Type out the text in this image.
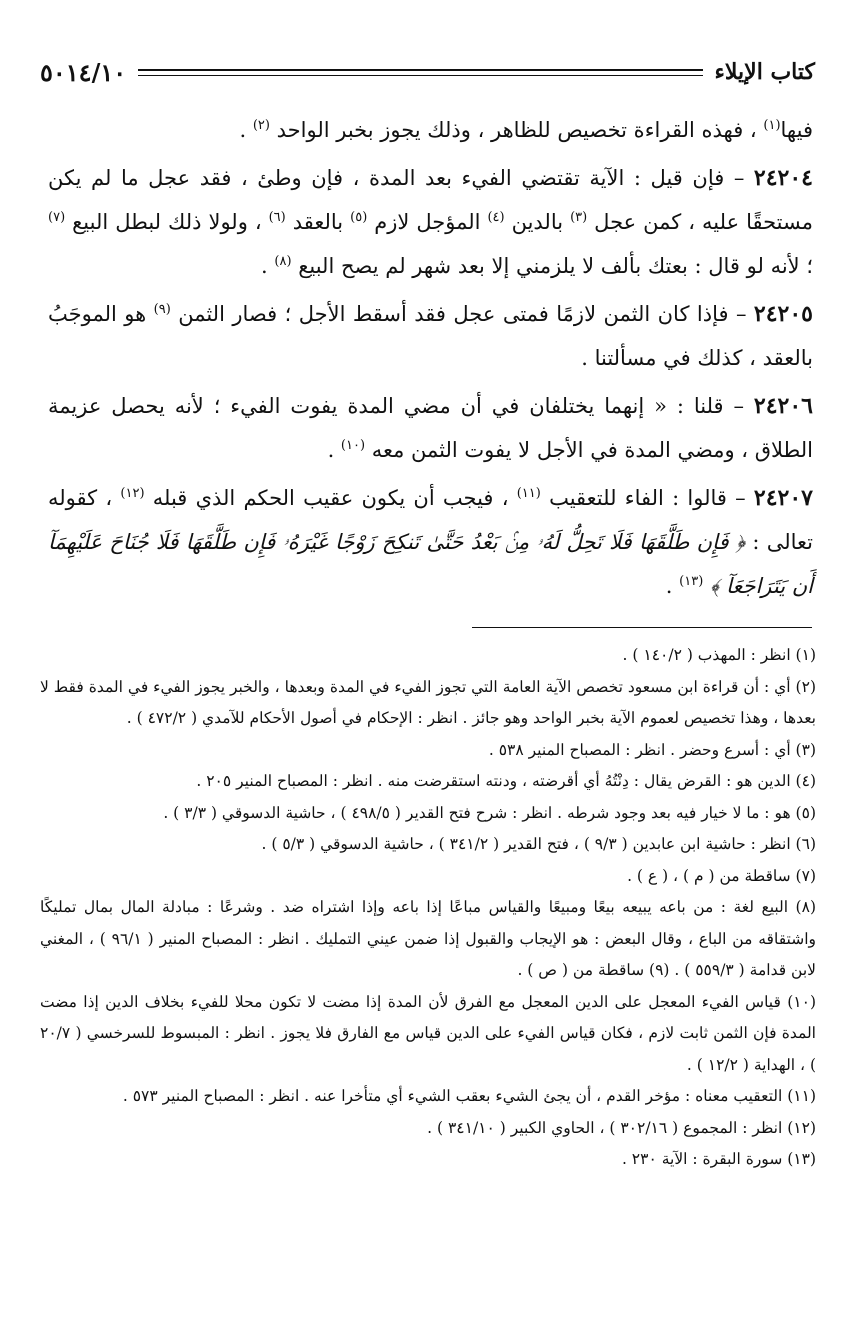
كتاب الإيلاء
٥٠١٤/١٠

فيها$^{(١)}$ ، فهذه القراءة تخصيص للظاهر ، وذلك يجوز بخبر الواحد $^{(٢)}$ .

٢٤٢٠٤ – فإن قيل : الآية تقتضي الفيء بعد المدة ، فإن وطئ ، فقد عجل ما لم يكن مستحقًا عليه ، كمن عجل $^{(٣)}$ بالدين $^{(٤)}$ المؤجل لازم $^{(٥)}$ بالعقد $^{(٦)}$ ، ولولا ذلك لبطل البيع $^{(٧)}$ ؛ لأنه لو قال : بعتك بألف لا يلزمني إلا بعد شهر لم يصح البيع $^{(٨)}$ .

٢٤٢٠٥ – فإذا كان الثمن لازمًا فمتى عجل فقد أسقط الأجل ؛ فصار الثمن $^{(٩)}$ هو الموجَبُ بالعقد ، كذلك في مسألتنا .

٢٤٢٠٦ – قلنا : « إنهما يختلفان في أن مضي المدة يفوت الفيء ؛ لأنه يحصل عزيمة الطلاق ، ومضي المدة في الأجل لا يفوت الثمن معه $^{(١٠)}$ .

٢٤٢٠٧ – قالوا : الفاء للتعقيب $^{(١١)}$ ، فيجب أن يكون عقيب الحكم الذي قبله $^{(١٢)}$ ، كقوله تعالى : ﴿ فَإِن طَلَّقَهَا فَلَا تَحِلُّ لَهُۥ مِنۢ بَعْدُ حَتَّىٰ تَنكِحَ زَوْجًا غَيْرَهُۥ فَإِن طَلَّقَهَا فَلَا جُنَاحَ عَلَيْهِمَآ أَن يَتَرَاجَعَآ ﴾ $^{(١٣)}$ .

(١) انظر : المهذب ( ١٤٠/٢ ) .

(٢) أي : أن قراءة ابن مسعود تخصص الآية العامة التي تجوز الفيء في المدة وبعدها ، والخبر يجوز الفيء في المدة فقط لا بعدها ، وهذا تخصيص لعموم الآية بخبر الواحد وهو جائز . انظر : الإحكام في أصول الأحكام للآمدي ( ٤٧٢/٢ ) .

(٣) أي : أسرع وحضر . انظر : المصباح المنير ٥٣٨ .

(٤) الدين هو : القرض يقال : دِنْتُهُ أي أقرضته ، ودنته استقرضت منه . انظر : المصباح المنير ٢٠٥ .

(٥) هو : ما لا خيار فيه بعد وجود شرطه . انظر : شرح فتح القدير ( ٤٩٨/٥ ) ، حاشية الدسوقي ( ٣/٣ ) .

(٦) انظر : حاشية ابن عابدين ( ٩/٣ ) ، فتح القدير ( ٣٤١/٢ ) ، حاشية الدسوقي ( ٥/٣ ) .

(٧) ساقطة من ( م ) ، ( ع ) .

(٨) البيع لغة : من باعه يبيعه بيعًا ومبيعًا والقياس مباعًا إذا باعه وإذا اشتراه ضد . وشرعًا : مبادلة المال بمال تمليكًا واشتقاقه من الباع ، وقال البعض : هو الإيجاب والقبول إذا ضمن عيني التمليك . انظر : المصباح المنير ( ٩٦/١ ) ، المغني لابن قدامة ( ٥٥٩/٣ ) . (٩) ساقطة من ( ص ) .

(١٠) قياس الفيء المعجل على الدين المعجل مع الفرق لأن المدة إذا مضت لا تكون محلا للفيء بخلاف الدين إذا مضت المدة فإن الثمن ثابت لازم ، فكان قياس الفيء على الدين قياس مع الفارق فلا يجوز . انظر : المبسوط للسرخسي ( ٢٠/٧ ) ، الهداية ( ١٢/٢ ) .

(١١) التعقيب معناه : مؤخر القدم ، أن يجئ الشيء بعقب الشيء أي متأخرا عنه . انظر : المصباح المنير ٥٧٣ .

(١٢) انظر : المجموع ( ٣٠٢/١٦ ) ، الحاوي الكبير ( ٣٤١/١٠ ) .

(١٣) سورة البقرة : الآية ٢٣٠ .
